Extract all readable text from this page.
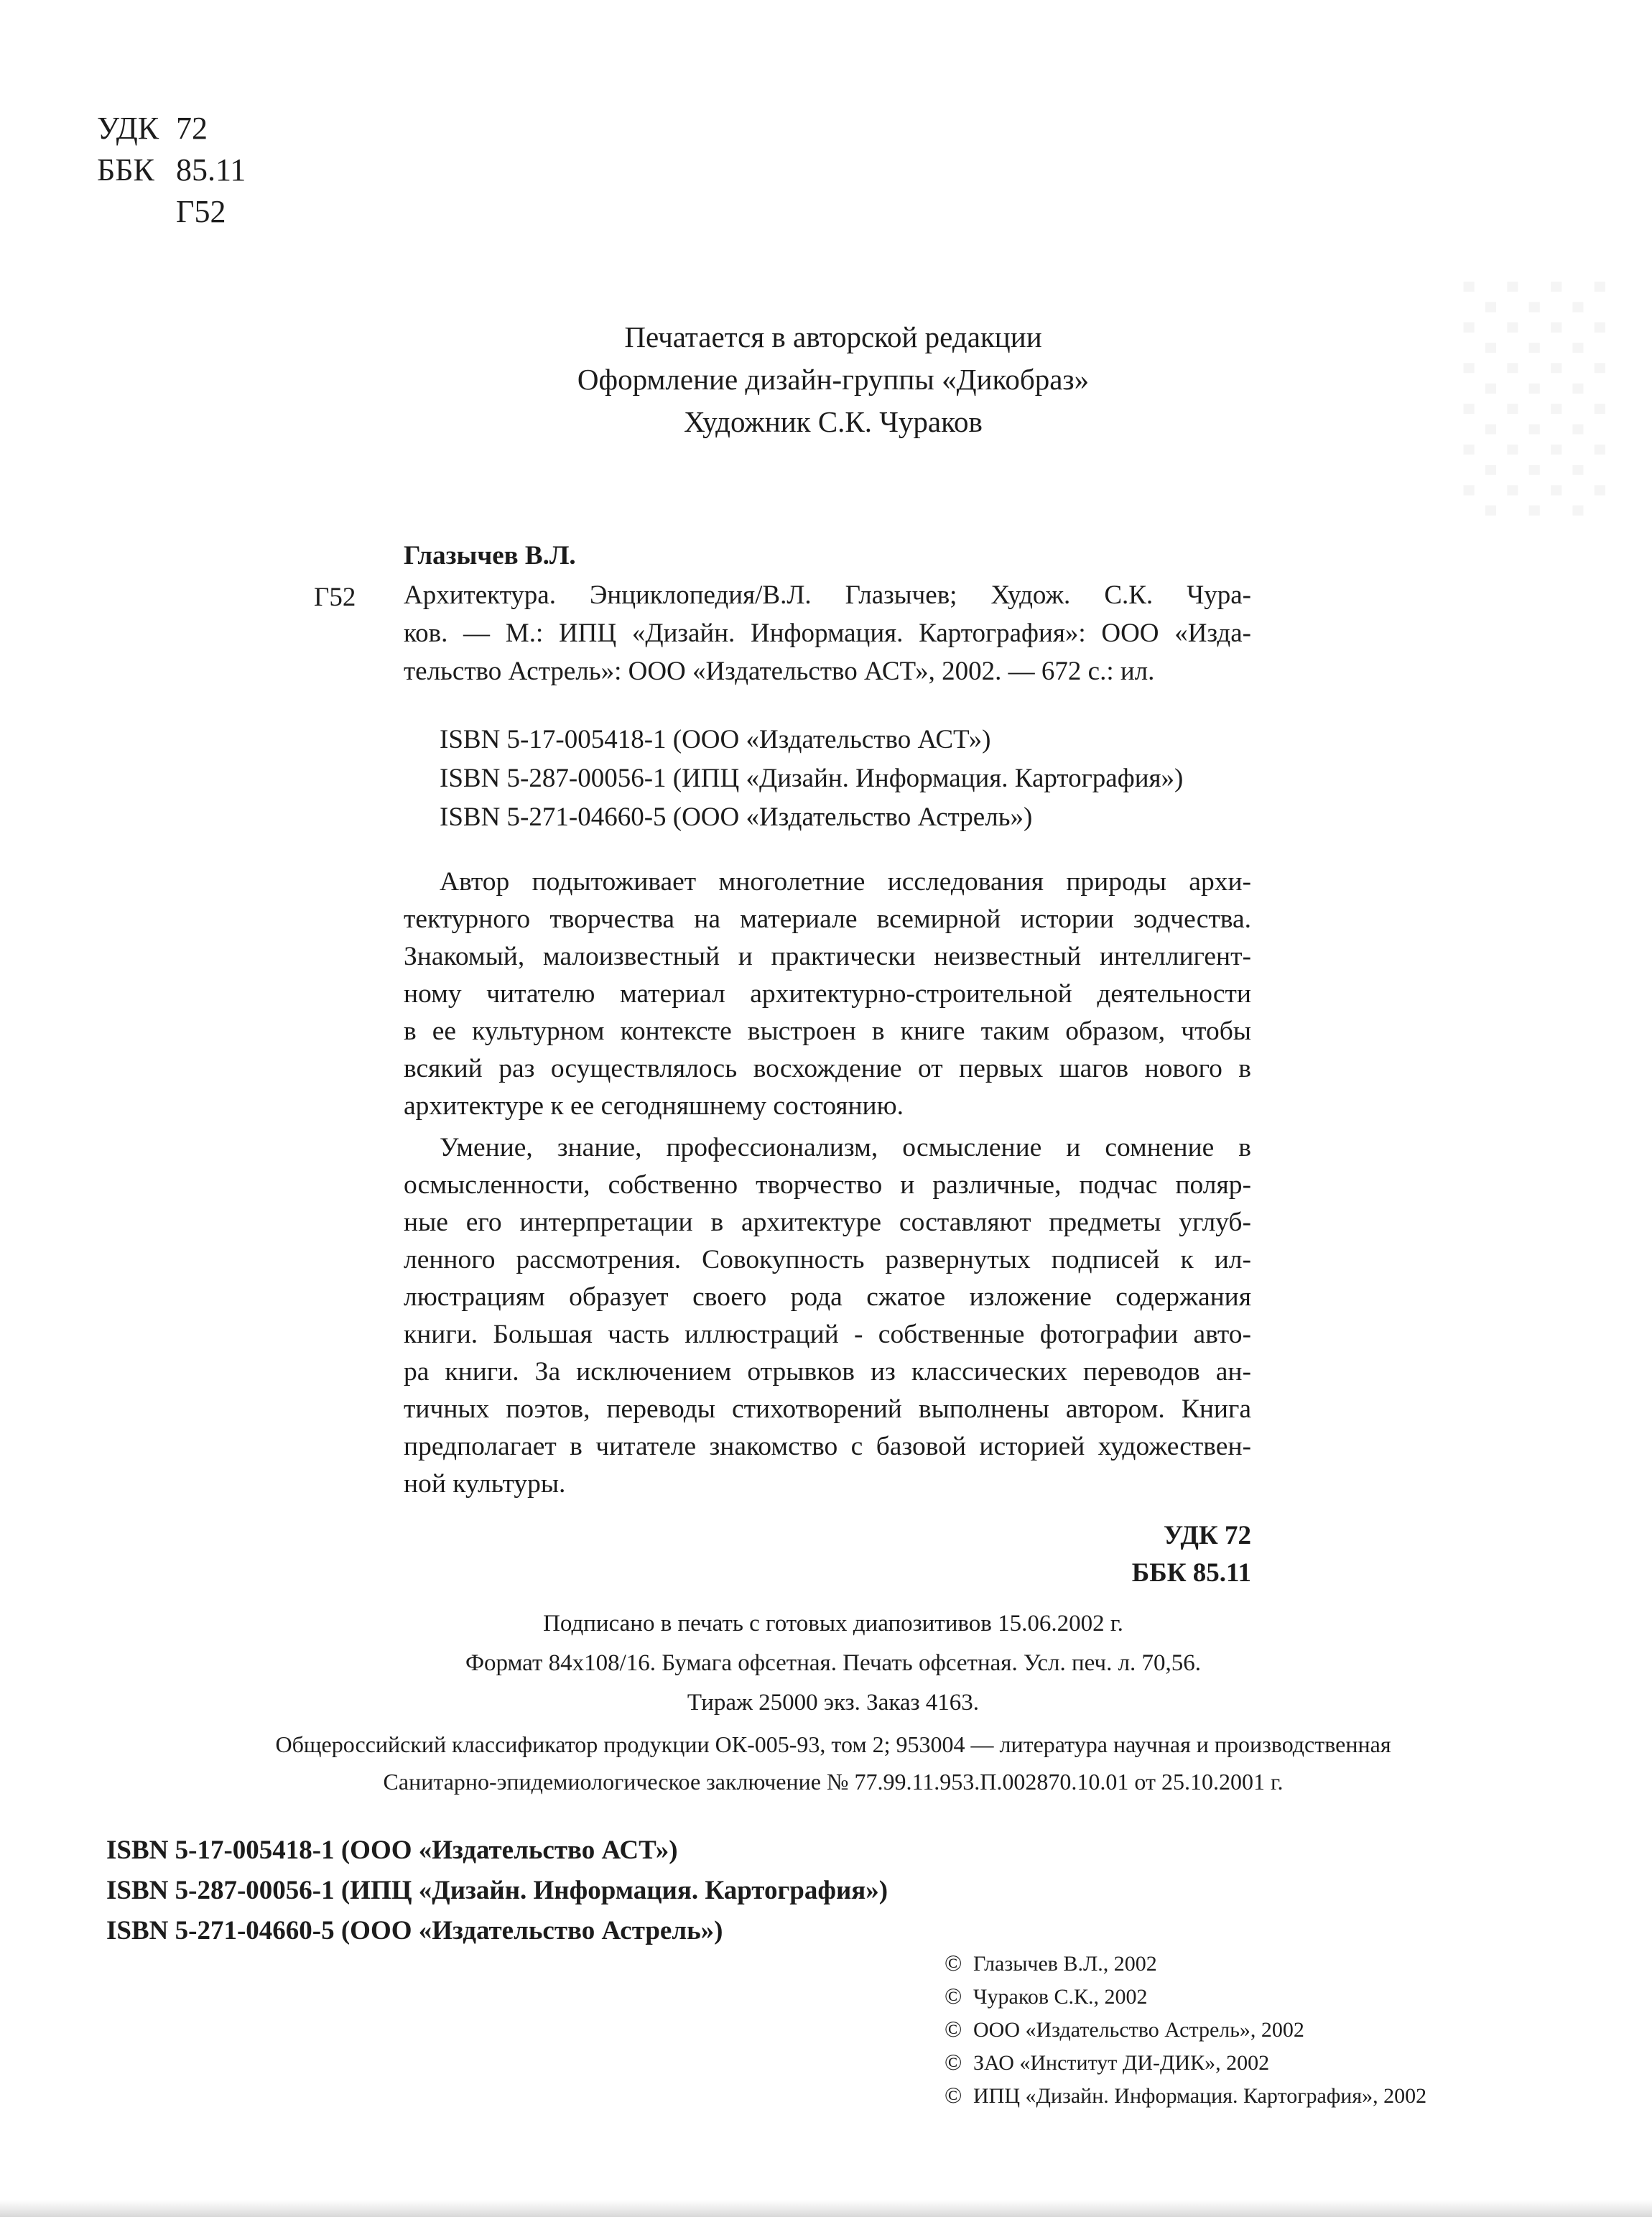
УДК 72
ББК 85.11
Г52
Печатается в авторской редакции
Оформление дизайн-группы «Дикобраз»
Художник С.К. Чураков
Глазычев В.Л.
Г52 Архитектура. Энциклопедия/В.Л. Глазычев; Худож. С.К. Чура-
ков. — М.: ИПЦ «Дизайн. Информация. Картография»: ООО «Изда-
тельство Астрель»: ООО «Издательство АСТ», 2002. — 672 с.: ил.
ISBN 5-17-005418-1 (ООО «Издательство АСТ»)
ISBN 5-287-00056-1 (ИПЦ «Дизайн. Информация. Картография»)
ISBN 5-271-04660-5 (ООО «Издательство Астрель»)
Автор подытоживает многолетние исследования природы архи-
тектурного творчества на материале всемирной истории зодчества.
Знакомый, малоизвестный и практически неизвестный интеллигент-
ному читателю материал архитектурно-строительной деятельности
в ее культурном контексте выстроен в книге таким образом, чтобы
всякий раз осуществлялось восхождение от первых шагов нового в
архитектуре к ее сегодняшнему состоянию.
Умение, знание, профессионализм, осмысление и сомнение в
осмысленности, собственно творчество и различные, подчас поляр-
ные его интерпретации в архитектуре составляют предметы углуб-
ленного рассмотрения. Совокупность развернутых подписей к ил-
люстрациям образует своего рода сжатое изложение содержания
книги. Большая часть иллюстраций - собственные фотографии авто-
ра книги. За исключением отрывков из классических переводов ан-
тичных поэтов, переводы стихотворений выполнены автором. Книга
предполагает в читателе знакомство с базовой историей художествен-
ной культуры.
УДК 72
ББК 85.11
Подписано в печать с готовых диапозитивов 15.06.2002 г.
Формат 84х108/16. Бумага офсетная. Печать офсетная. Усл. печ. л. 70,56.
Тираж 25000 экз. Заказ 4163.
Общероссийский классификатор продукции ОК-005-93, том 2; 953004 — литература научная и производственная
Санитарно-эпидемиологическое заключение № 77.99.11.953.П.002870.10.01 от 25.10.2001 г.
ISBN 5-17-005418-1 (ООО «Издательство АСТ»)
ISBN 5-287-00056-1 (ИПЦ «Дизайн. Информация. Картография»)
ISBN 5-271-04660-5 (ООО «Издательство Астрель»)
© Глазычев В.Л., 2002
© Чураков С.К., 2002
© ООО «Издательство Астрель», 2002
© ЗАО «Институт ДИ-ДИК», 2002
© ИПЦ «Дизайн. Информация. Картография», 2002
